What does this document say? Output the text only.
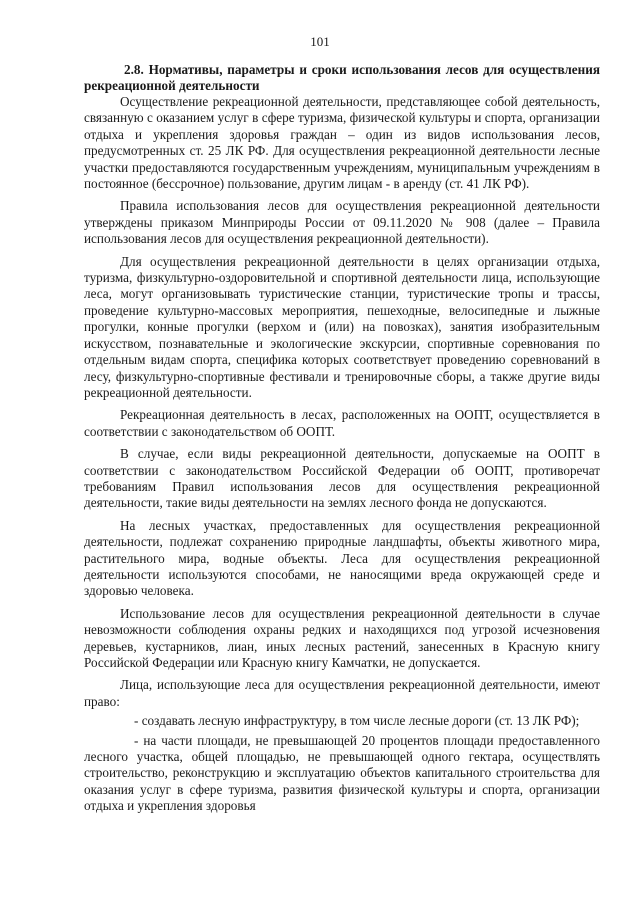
101

2.8. Нормативы, параметры и сроки использования лесов для осуществления рекреационной деятельности

Осуществление рекреационной деятельности, представляющее собой деятельность, связанную с оказанием услуг в сфере туризма, физической культуры и спорта, организации отдыха и укрепления здоровья граждан – один из видов использования лесов, предусмотренных ст. 25 ЛК РФ. Для осуществления рекреационной деятельности лесные участки предоставляются государственным учреждениям, муниципальным учреждениям в постоянное (бессрочное) пользование, другим лицам - в аренду (ст. 41 ЛК РФ).

Правила использования лесов для осуществления рекреационной деятельности утверждены приказом Минприроды России от 09.11.2020 № 908 (далее – Правила использования лесов для осуществления рекреационной деятельности).

Для осуществления рекреационной деятельности в целях организации отдыха, туризма, физкультурно-оздоровительной и спортивной деятельности лица, использующие леса, могут организовывать туристические станции, туристические тропы и трассы, проведение культурно-массовых мероприятия, пешеходные, велосипедные и лыжные прогулки, конные прогулки (верхом и (или) на повозках), занятия изобразительным искусством, познавательные и экологические экскурсии, спортивные соревнования по отдельным видам спорта, специфика которых соответствует проведению соревнований в лесу, физкультурно-спортивные фестивали и тренировочные сборы, а также другие виды рекреационной деятельности.

Рекреационная деятельность в лесах, расположенных на ООПТ, осуществляется в соответствии с законодательством об ООПТ.

В случае, если виды рекреационной деятельности, допускаемые на ООПТ в соответствии с законодательством Российской Федерации об ООПТ, противоречат требованиям Правил использования лесов для осуществления рекреационной деятельности, такие виды деятельности на землях лесного фонда не допускаются.

На лесных участках, предоставленных для осуществления рекреационной деятельности, подлежат сохранению природные ландшафты, объекты животного мира, растительного мира, водные объекты. Леса для осуществления рекреационной деятельности используются способами, не наносящими вреда окружающей среде и здоровью человека.

Использование лесов для осуществления рекреационной деятельности в случае невозможности соблюдения охраны редких и находящихся под угрозой исчезновения деревьев, кустарников, лиан, иных лесных растений, занесенных в Красную книгу Российской Федерации или Красную книгу Камчатки, не допускается.

Лица, использующие леса для осуществления рекреационной деятельности, имеют право:

- создавать лесную инфраструктуру, в том числе лесные дороги (ст. 13 ЛК РФ);

- на части площади, не превышающей 20 процентов площади предоставленного лесного участка, общей площадью, не превышающей одного гектара, осуществлять строительство, реконструкцию и эксплуатацию объектов капитального строительства для оказания услуг в сфере туризма, развития физической культуры и спорта, организации отдыха и укрепления здоровья
